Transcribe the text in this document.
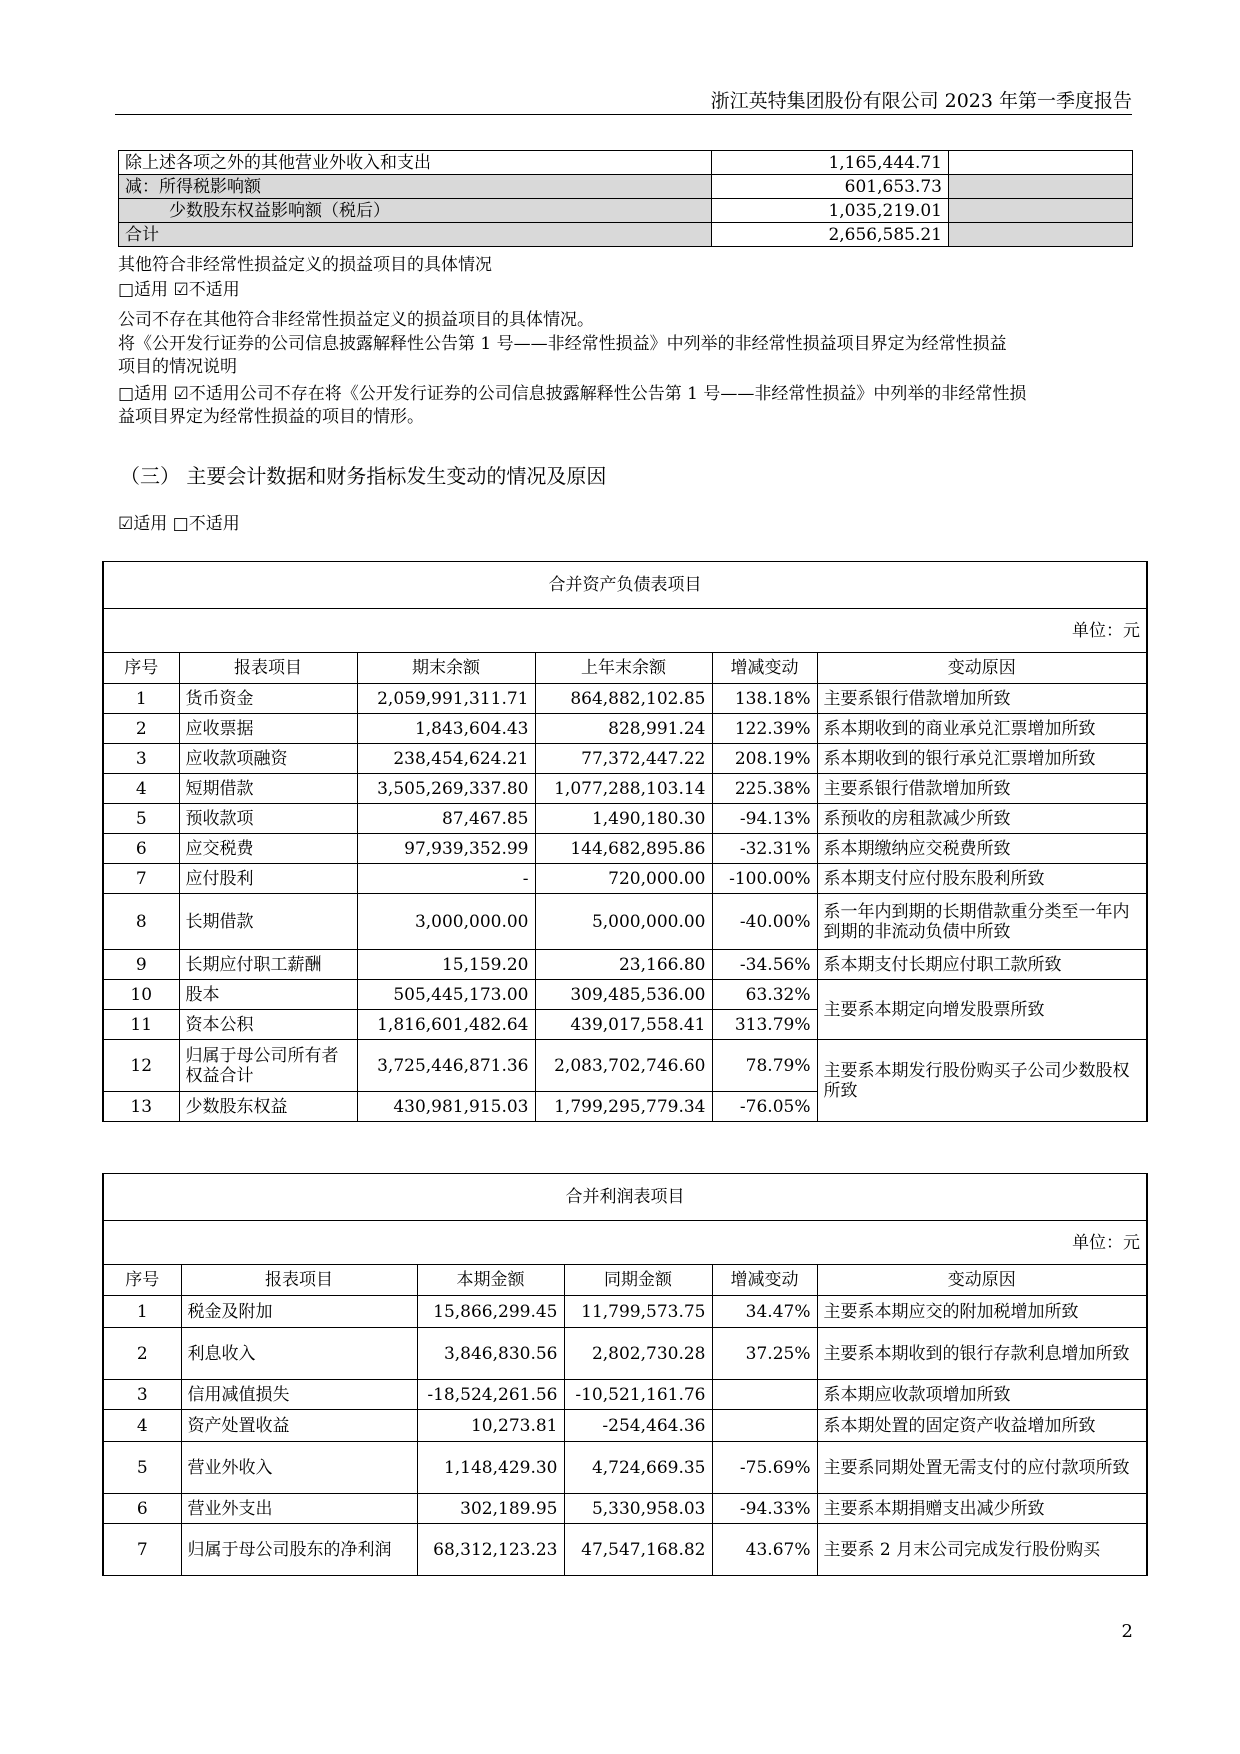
浙江英特集团股份有限公司 2023 年第一季度报告
除上述各项之外的其他营业外收入和支出	1,165,444.71	
减：所得税影响额	601,653.73	
少数股东权益影响额（税后）	1,035,219.01	
合计	2,656,585.21	
其他符合非经常性损益定义的损益项目的具体情况
□适用 ☑不适用
公司不存在其他符合非经常性损益定义的损益项目的具体情况。
将《公开发行证券的公司信息披露解释性公告第 1 号——非经常性损益》中列举的非经常性损益项目界定为经常性损益
项目的情况说明
□适用 ☑不适用公司不存在将《公开发行证券的公司信息披露解释性公告第 1 号——非经常性损益》中列举的非经常性损
益项目界定为经常性损益的项目的情形。
（三） 主要会计数据和财务指标发生变动的情况及原因
☑适用 □不适用
合并资产负债表项目					
单位：元					
序号	报表项目	期末余额	上年末余额	增减变动	变动原因
1	货币资金	2,059,991,311.71	864,882,102.85	138.18%	主要系银行借款增加所致
2	应收票据	1,843,604.43	828,991.24	122.39%	系本期收到的商业承兑汇票增加所致
3	应收款项融资	238,454,624.21	77,372,447.22	208.19%	系本期收到的银行承兑汇票增加所致
4	短期借款	3,505,269,337.80	1,077,288,103.14	225.38%	主要系银行借款增加所致
5	预收款项	87,467.85	1,490,180.30	-94.13%	系预收的房租款减少所致
6	应交税费	97,939,352.99	144,682,895.86	-32.31%	系本期缴纳应交税费所致
7	应付股利	-	720,000.00	-100.00%	系本期支付应付股东股利所致
8	长期借款	3,000,000.00	5,000,000.00	-40.00%	系一年内到期的长期借款重分类至一年内到期的非流动负债中所致
9	长期应付职工薪酬	15,159.20	23,166.80	-34.56%	系本期支付长期应付职工款所致
10	股本	505,445,173.00	309,485,536.00	63.32%	主要系本期定向增发股票所致
11	资本公积	1,816,601,482.64	439,017,558.41	313.79%	
12	归属于母公司所有者权益合计	3,725,446,871.36	2,083,702,746.60	78.79%	主要系本期发行股份购买子公司少数股权所致
13	少数股东权益	430,981,915.03	1,799,295,779.34	-76.05%	
合并利润表项目					
单位：元					
序号	报表项目	本期金额	同期金额	增减变动	变动原因
1	税金及附加	15,866,299.45	11,799,573.75	34.47%	主要系本期应交的附加税增加所致
2	利息收入	3,846,830.56	2,802,730.28	37.25%	主要系本期收到的银行存款利息增加所致
3	信用减值损失	-18,524,261.56	-10,521,161.76		系本期应收款项增加所致
4	资产处置收益	10,273.81	-254,464.36		系本期处置的固定资产收益增加所致
5	营业外收入	1,148,429.30	4,724,669.35	-75.69%	主要系同期处置无需支付的应付款项所致
6	营业外支出	302,189.95	5,330,958.03	-94.33%	主要系本期捐赠支出减少所致
7	归属于母公司股东的净利润	68,312,123.23	47,547,168.82	43.67%	主要系 2 月末公司完成发行股份购买
2
